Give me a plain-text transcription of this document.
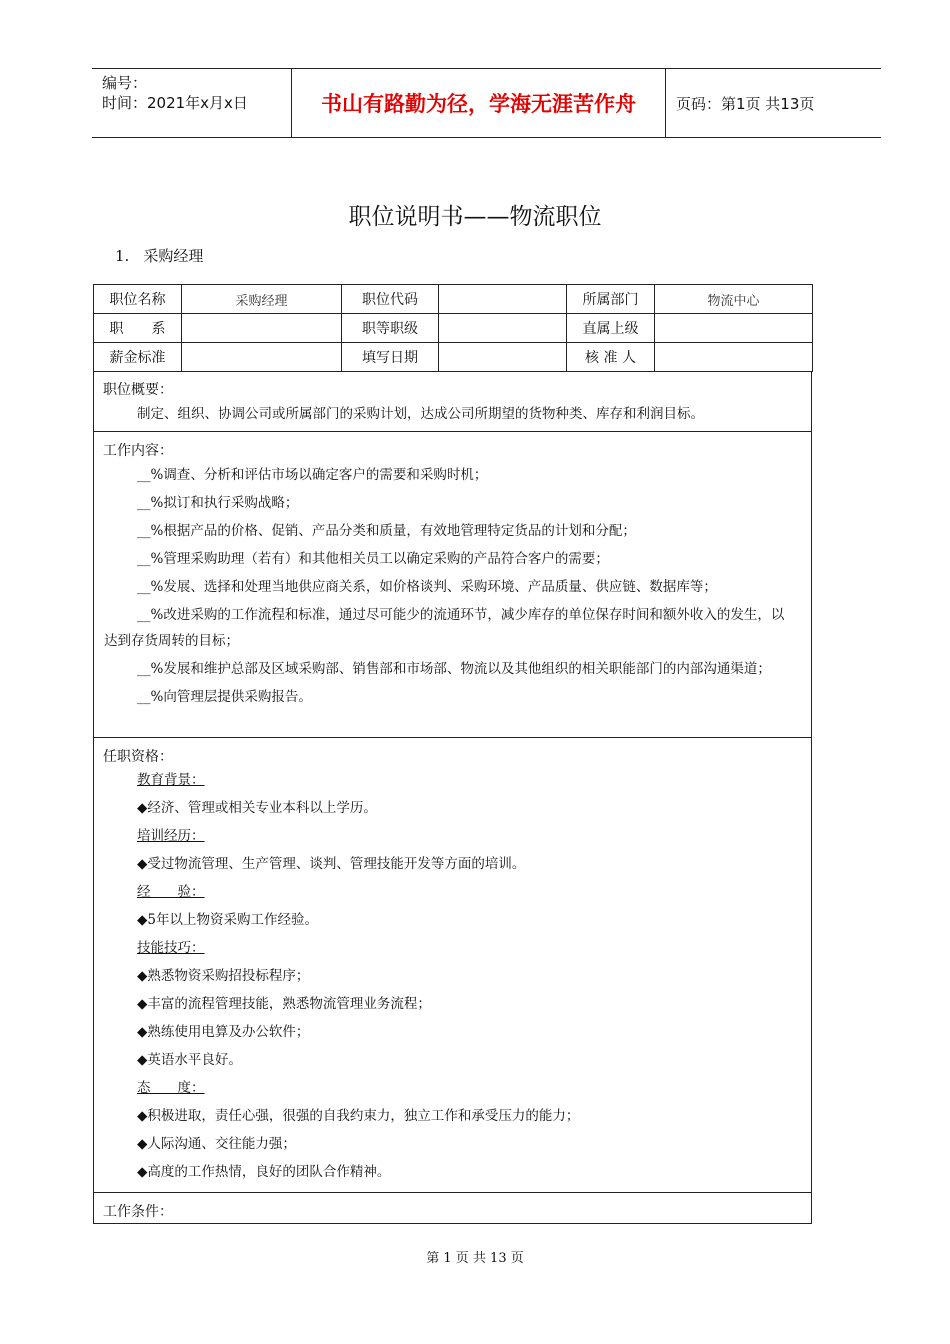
编号：
时间：2021年x月x日	书山有路勤为径，学海无涯苦作舟	页码：第1页 共13页
职位说明书——物流职位
1. 采购经理
职位名称	采购经理	职位代码		所属部门	物流中心
职　　系		职等职级		直属上级	
薪金标准		填写日期		核 准 人	
职位概要：

制定、组织、协调公司或所属部门的采购计划，达成公司所期望的货物种类、库存和利润目标。

工作内容：
__%调查、分析和评估市场以确定客户的需要和采购时机；
__%拟订和执行采购战略；
__%根据产品的价格、促销、产品分类和质量，有效地管理特定货品的计划和分配；
__%管理采购助理（若有）和其他相关员工以确定采购的产品符合客户的需要；
__%发展、选择和处理当地供应商关系，如价格谈判、采购环境、产品质量、供应链、数据库等；
__%改进采购的工作流程和标准，通过尽可能少的流通环节，减少库存的单位保存时间和额外收入的发生，以达到存货周转的目标；
__%发展和维护总部及区域采购部、销售部和市场部、物流以及其他组织的相关职能部门的内部沟通渠道；
__%向管理层提供采购报告。
任职资格：
教育背景：
◆经济、管理或相关专业本科以上学历。
培训经历：
◆受过物流管理、生产管理、谈判、管理技能开发等方面的培训。
经　　验：
◆5年以上物资采购工作经验。
技能技巧：
◆熟悉物资采购招投标程序；
◆丰富的流程管理技能，熟悉物流管理业务流程；
◆熟练使用电算及办公软件；
◆英语水平良好。
态　　度：
◆积极进取，责任心强，很强的自我约束力，独立工作和承受压力的能力；
◆人际沟通、交往能力强；
◆高度的工作热情，良好的团队合作精神。
工作条件：
第 1 页 共 13 页
